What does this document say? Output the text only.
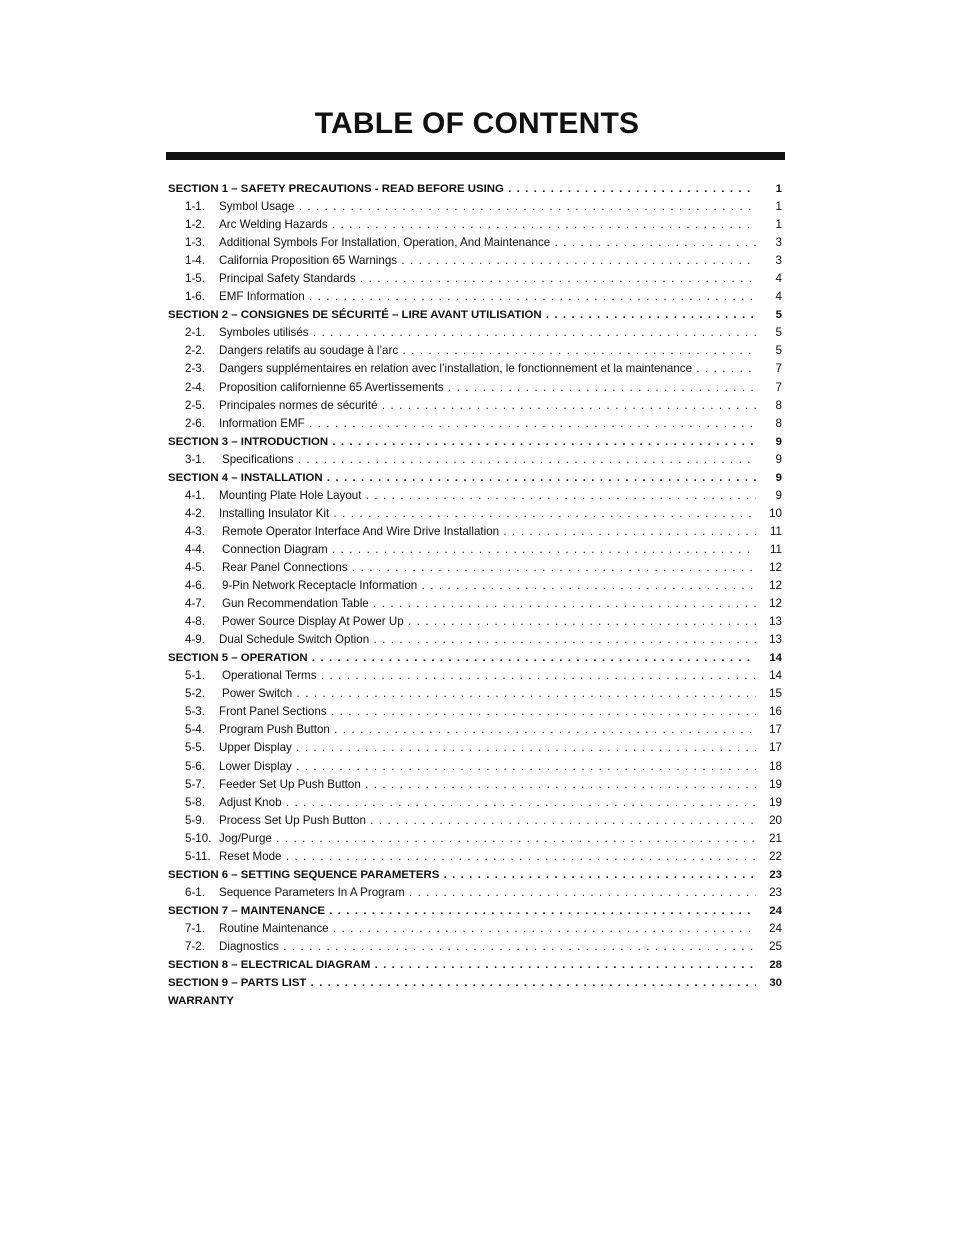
TABLE OF CONTENTS
SECTION 1 – SAFETY PRECAUTIONS - READ BEFORE USING . . .	1
1-1. Symbol Usage . . .	1
1-2. Arc Welding Hazards . . .	1
1-3. Additional Symbols For Installation, Operation, And Maintenance . . .	3
1-4. California Proposition 65 Warnings . . .	3
1-5. Principal Safety Standards . . .	4
1-6. EMF Information . . .	4
SECTION 2 – CONSIGNES DE SÉCURITÉ – LIRE AVANT UTILISATION . . .	5
2-1. Symboles utilisés . . .	5
2-2. Dangers relatifs au soudage à l’arc . . .	5
2-3. Dangers supplémentaires en relation avec l’installation, le fonctionnement et la maintenance . . .	7
2-4. Proposition californienne 65 Avertissements . . .	7
2-5. Principales normes de sécurité . . .	8
2-6. Information EMF . . .	8
SECTION 3 – INTRODUCTION . . .	9
3-1. Specifications . . .	9
SECTION 4 – INSTALLATION . . .	9
4-1. Mounting Plate Hole Layout . . .	9
4-2. Installing Insulator Kit . . .	10
4-3. Remote Operator Interface And Wire Drive Installation . . .	11
4-4. Connection Diagram . . .	11
4-5. Rear Panel Connections . . .	12
4-6. 9-Pin Network Receptacle Information . . .	12
4-7. Gun Recommendation Table . . .	12
4-8. Power Source Display At Power Up . . .	13
4-9. Dual Schedule Switch Option . . .	13
SECTION 5 – OPERATION . . .	14
5-1. Operational Terms . . .	14
5-2. Power Switch . . .	15
5-3. Front Panel Sections . . .	16
5-4. Program Push Button . . .	17
5-5. Upper Display . . .	17
5-6. Lower Display . . .	18
5-7. Feeder Set Up Push Button . . .	19
5-8. Adjust Knob . . .	19
5-9. Process Set Up Push Button . . .	20
5-10. Jog/Purge . . .	21
5-11. Reset Mode . . .	22
SECTION 6 – SETTING SEQUENCE PARAMETERS . . .	23
6-1. Sequence Parameters In A Program . . .	23
SECTION 7 – MAINTENANCE . . .	24
7-1. Routine Maintenance . . .	24
7-2. Diagnostics . . .	25
SECTION 8 – ELECTRICAL DIAGRAM . . .	28
SECTION 9 – PARTS LIST . . .	30
WARRANTY
